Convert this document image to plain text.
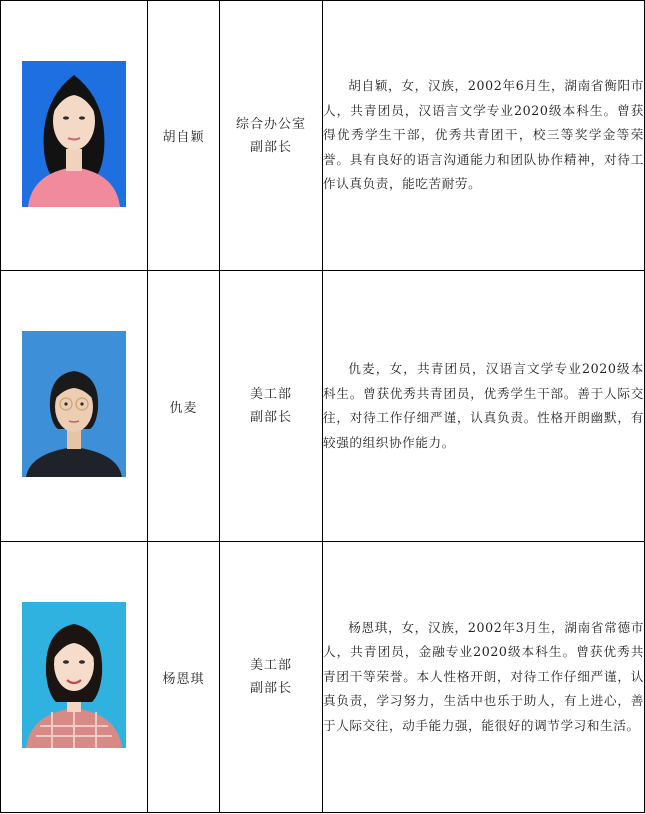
	胡自颖	综合办公室
副部长	胡自颖，女，汉族，2002年6月生，湖南省衡阳市人，共青团员，汉语言文学专业2020级本科生。曾获得优秀学生干部，优秀共青团干，校三等奖学金等荣誉。具有良好的语言沟通能力和团队协作精神，对待工作认真负责，能吃苦耐劳。

	仇麦	美工部
副部长	仇麦，女，共青团员，汉语言文学专业2020级本科生。曾获优秀共青团员，优秀学生干部。善于人际交往，对待工作仔细严谨，认真负责。性格开朗幽默，有较强的组织协作能力。

	杨恩琪	美工部
副部长	杨恩琪，女，汉族，2002年3月生，湖南省常德市人，共青团员，金融专业2020级本科生。曾获优秀共青团干等荣誉。本人性格开朗，对待工作仔细严谨，认真负责，学习努力，生活中也乐于助人，有上进心，善于人际交往，动手能力强，能很好的调节学习和生活。
